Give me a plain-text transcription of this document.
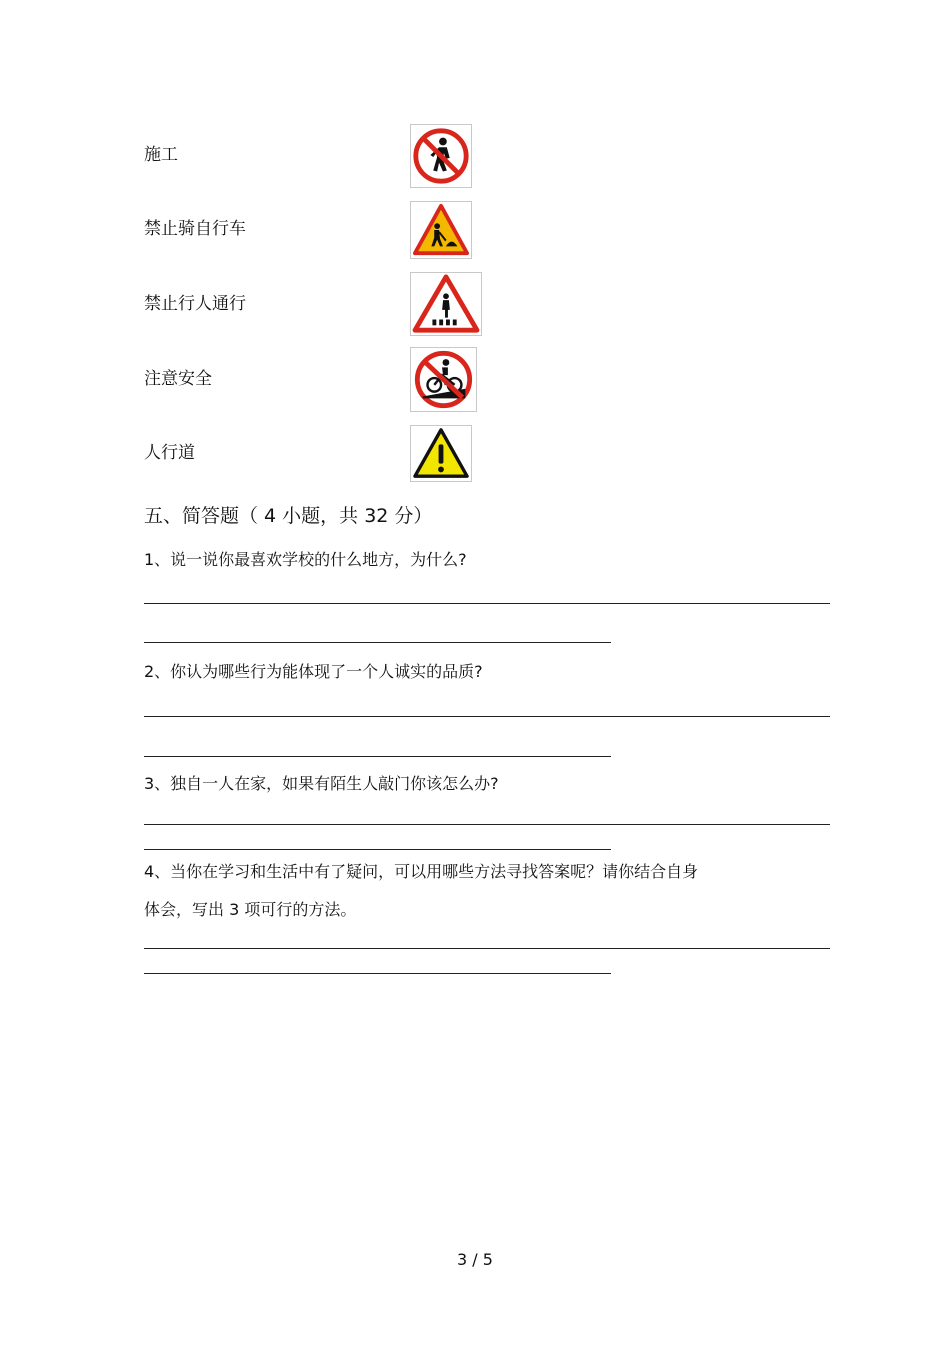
施工
禁止骑自行车
禁止行人通行
注意安全
人行道
五、简答题（ 4 小题，共 32 分）
1、说一说你最喜欢学校的什么地方，为什么?
2、你认为哪些行为能体现了一个人诚实的品质?
3、独自一人在家，如果有陌生人敲门你该怎么办?
4、当你在学习和生活中有了疑问，可以用哪些方法寻找答案呢？请你结合自身
体会，写出 3 项可行的方法。
3 / 5
